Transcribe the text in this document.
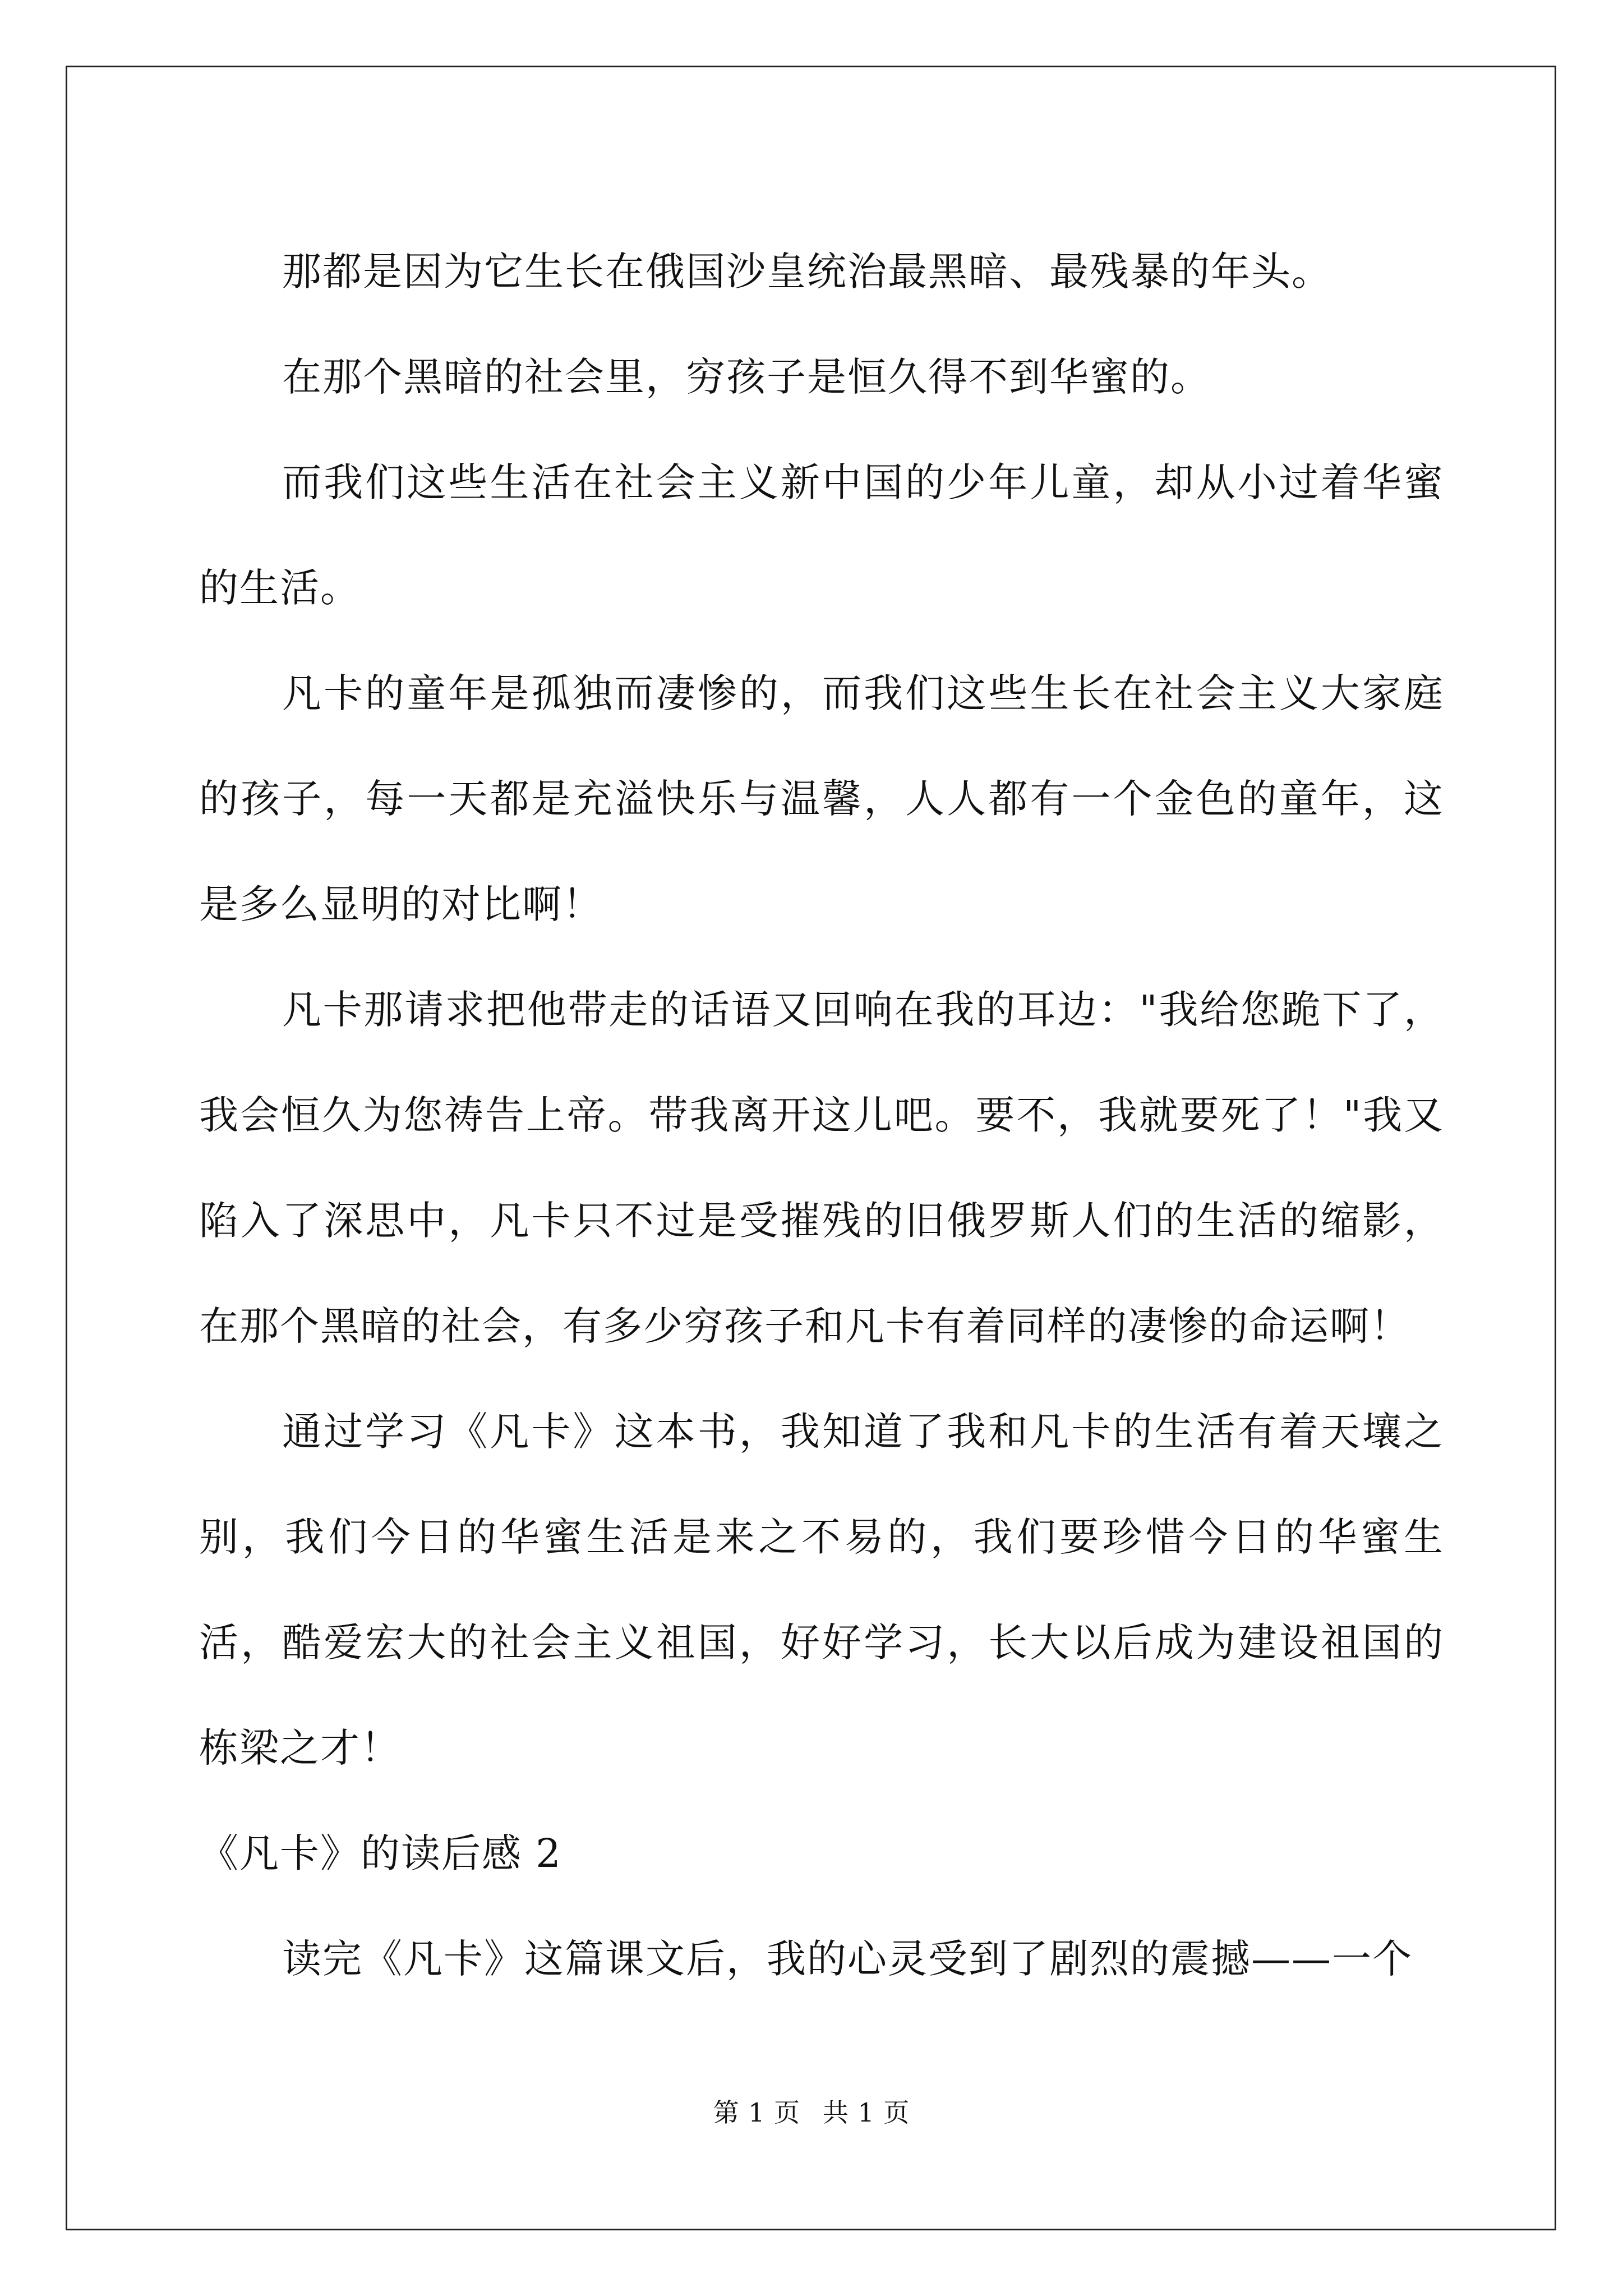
那都是因为它生长在俄国沙皇统治最黑暗、最残暴的年头。

在那个黑暗的社会里，穷孩子是恒久得不到华蜜的。

而我们这些生活在社会主义新中国的少年儿童，却从小过着华蜜的生活。

凡卡的童年是孤独而凄惨的，而我们这些生长在社会主义大家庭的孩子，每一天都是充溢快乐与温馨，人人都有一个金色的童年，这是多么显明的对比啊！

凡卡那请求把他带走的话语又回响在我的耳边："我给您跪下了，我会恒久为您祷告上帝。带我离开这儿吧。要不，我就要死了！"我又陷入了深思中，凡卡只不过是受摧残的旧俄罗斯人们的生活的缩影，在那个黑暗的社会，有多少穷孩子和凡卡有着同样的凄惨的命运啊！

通过学习《凡卡》这本书，我知道了我和凡卡的生活有着天壤之别，我们今日的华蜜生活是来之不易的，我们要珍惜今日的华蜜生活，酷爱宏大的社会主义祖国，好好学习，长大以后成为建设祖国的栋梁之才！

《凡卡》的读后感 2

读完《凡卡》这篇课文后，我的心灵受到了剧烈的震撼——一个

第 1 页 共 1 页
